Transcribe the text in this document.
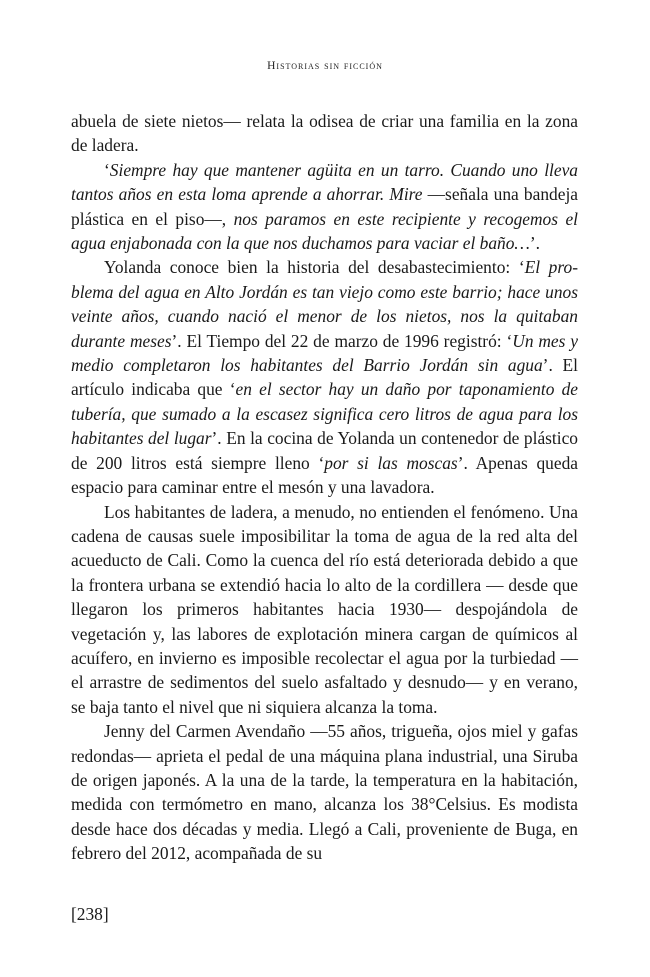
Historias sin ficción

abuela de siete nietos— relata la odisea de criar una familia en la zona de ladera.

‘Siempre hay que mantener agüita en un tarro. Cuando uno lleva tantos años en esta loma aprende a ahorrar. Mire —señala una bandeja plástica en el piso—, nos paramos en este recipiente y recogemos el agua enjabonada con la que nos duchamos para vaciar el baño…’.

Yolanda conoce bien la historia del desabastecimiento: ‘El problema del agua en Alto Jordán es tan viejo como este barrio; hace unos veinte años, cuando nació el menor de los nietos, nos la quitaban durante meses’. El Tiempo del 22 de marzo de 1996 registró: ‘Un mes y medio completaron los habitantes del Barrio Jordán sin agua’. El artículo indicaba que ‘en el sector hay un daño por taponamiento de tubería, que sumado a la escasez significa cero litros de agua para los habitantes del lugar’. En la cocina de Yolanda un contenedor de plástico de 200 litros está siempre lleno ‘por si las moscas’. Apenas queda espacio para caminar entre el mesón y una lavadora.

Los habitantes de ladera, a menudo, no entienden el fenómeno. Una cadena de causas suele imposibilitar la toma de agua de la red alta del acueducto de Cali. Como la cuenca del río está deteriorada debido a que la frontera urbana se extendió hacia lo alto de la cordillera — desde que llegaron los primeros habitantes hacia 1930— despojándola de vegetación y, las labores de explotación minera cargan de químicos al acuífero, en invierno es imposible recolectar el agua por la turbiedad —el arrastre de sedimentos del suelo asfaltado y desnudo— y en verano, se baja tanto el nivel que ni siquiera alcanza la toma.

Jenny del Carmen Avendaño —55 años, trigueña, ojos miel y gafas redondas— aprieta el pedal de una máquina plana industrial, una Siruba de origen japonés. A la una de la tarde, la temperatura en la habitación, medida con termómetro en mano, alcanza los 38°Celsius. Es modista desde hace dos décadas y media. Llegó a Cali, proveniente de Buga, en febrero del 2012, acompañada de su

[238]
